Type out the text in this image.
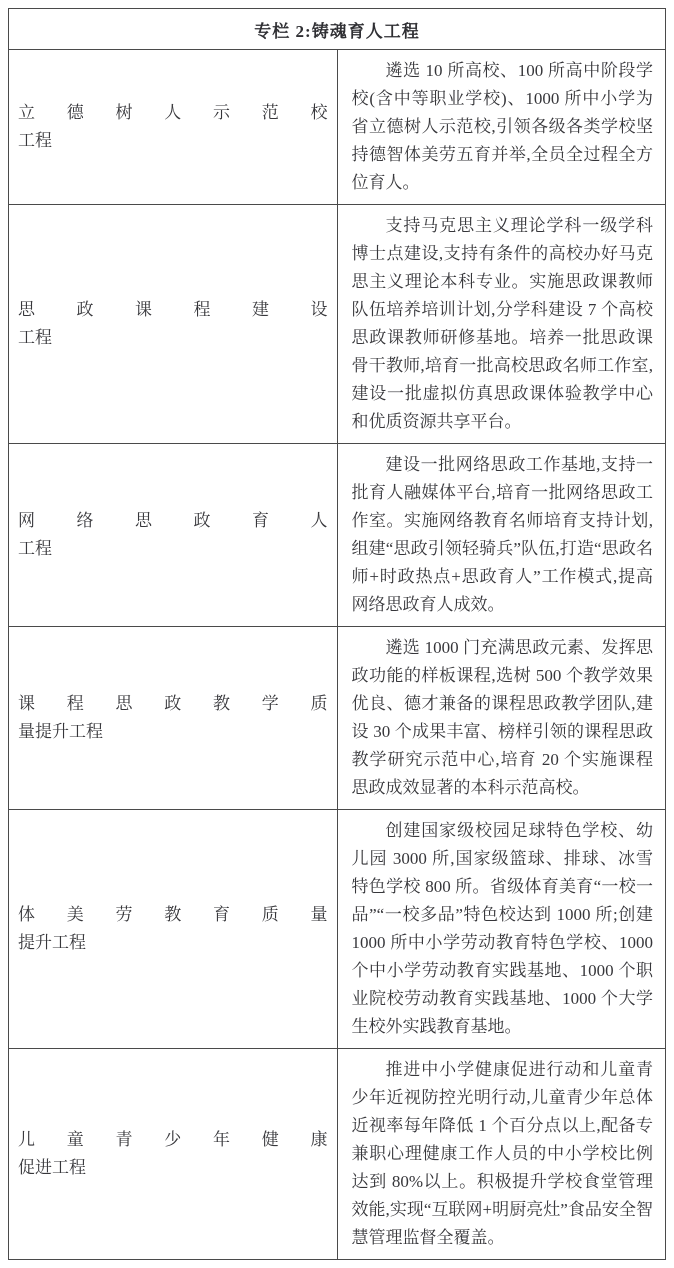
专栏 2:铸魂育人工程	

立德树人示范校
工程	遴选 10 所高校、100 所高中阶段学校(含中等职业学校)、1000 所中小学为省立德树人示范校,引领各级各类学校坚持德智体美劳五育并举,全员全过程全方位育人。

思政课程建设
工程	支持马克思主义理论学科一级学科博士点建设,支持有条件的高校办好马克思主义理论本科专业。实施思政课教师队伍培养培训计划,分学科建设 7 个高校思政课教师研修基地。培养一批思政课骨干教师,培育一批高校思政名师工作室,建设一批虚拟仿真思政课体验教学中心和优质资源共享平台。

网络思政育人
工程	建设一批网络思政工作基地,支持一批育人融媒体平台,培育一批网络思政工作室。实施网络教育名师培育支持计划,组建“思政引领轻骑兵”队伍,打造“思政名师+时政热点+思政育人”工作模式,提高网络思政育人成效。

课程思政教学质
量提升工程	遴选 1000 门充满思政元素、发挥思政功能的样板课程,选树 500 个教学效果优良、德才兼备的课程思政教学团队,建设 30 个成果丰富、榜样引领的课程思政教学研究示范中心,培育 20 个实施课程思政成效显著的本科示范高校。

体美劳教育质量
提升工程	创建国家级校园足球特色学校、幼儿园 3000 所,国家级篮球、排球、冰雪特色学校 800 所。省级体育美育“一校一品”“一校多品”特色校达到 1000 所;创建 1000 所中小学劳动教育特色学校、1000 个中小学劳动教育实践基地、1000 个职业院校劳动教育实践基地、1000 个大学生校外实践教育基地。

儿童青少年健康
促进工程	推进中小学健康促进行动和儿童青少年近视防控光明行动,儿童青少年总体近视率每年降低 1 个百分点以上,配备专兼职心理健康工作人员的中小学校比例达到 80%以上。积极提升学校食堂管理效能,实现“互联网+明厨亮灶”食品安全智慧管理监督全覆盖。
